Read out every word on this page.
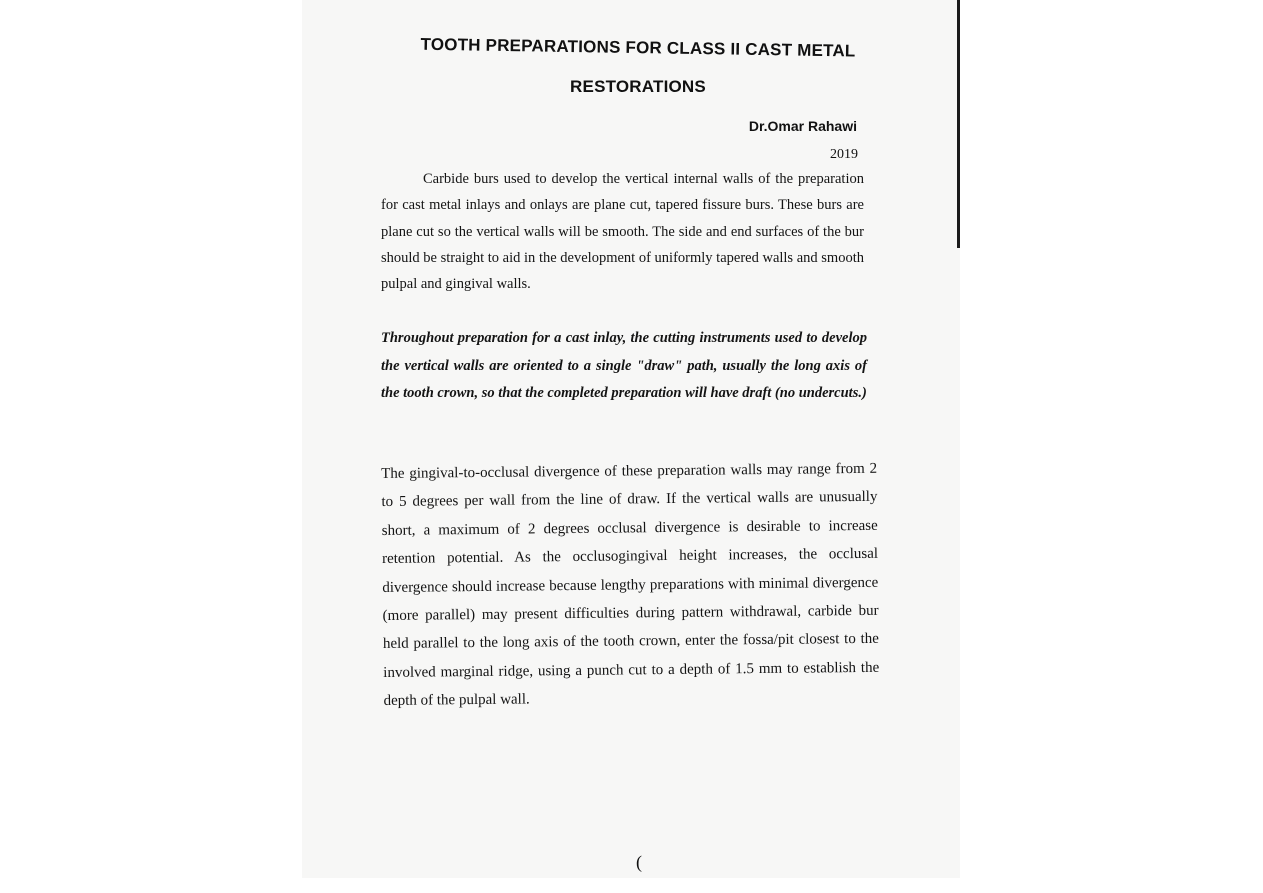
TOOTH PREPARATIONS FOR CLASS II CAST METAL
RESTORATIONS
Dr.Omar Rahawi
2019

Carbide burs used to develop the vertical internal walls of the preparation for cast metal inlays and onlays are plane cut, tapered fissure burs. These burs are plane cut so the vertical walls will be smooth. The side and end surfaces of the bur should be straight to aid in the development of uniformly tapered walls and smooth pulpal and gingival walls.

Throughout preparation for a cast inlay, the cutting instruments used to develop the vertical walls are oriented to a single "draw" path, usually the long axis of the tooth crown, so that the completed preparation will have draft (no undercuts.)

The gingival-to-occlusal divergence of these preparation walls may range from 2 to 5 degrees per wall from the line of draw. If the vertical walls are unusually short, a maximum of 2 degrees occlusal divergence is desirable to increase retention potential. As the occlusogingival height increases, the occlusal divergence should increase because lengthy preparations with minimal divergence (more parallel) may present difficulties during pattern withdrawal, carbide bur held parallel to the long axis of the tooth crown, enter the fossa/pit closest to the involved marginal ridge, using a punch cut to a depth of 1.5 mm to establish the depth of the pulpal wall.

(
